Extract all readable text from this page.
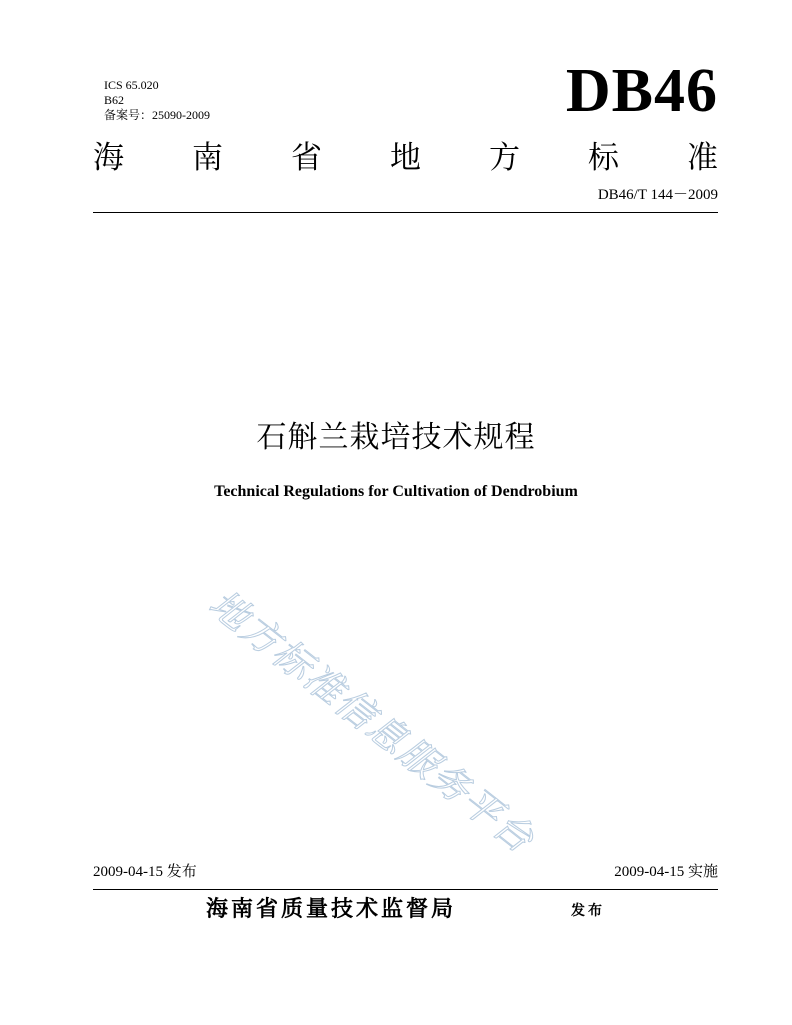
ICS 65.020
B62
备案号：25090-2009	DB46
海 南 省 地 方 标 准
DB46/T 144－2009
石斛兰栽培技术规程
Technical Regulations for Cultivation of Dendrobium
地方标准信息服务平台
2009-04-15 发布	2009-04-15 实施
海南省质量技术监督局	发布
